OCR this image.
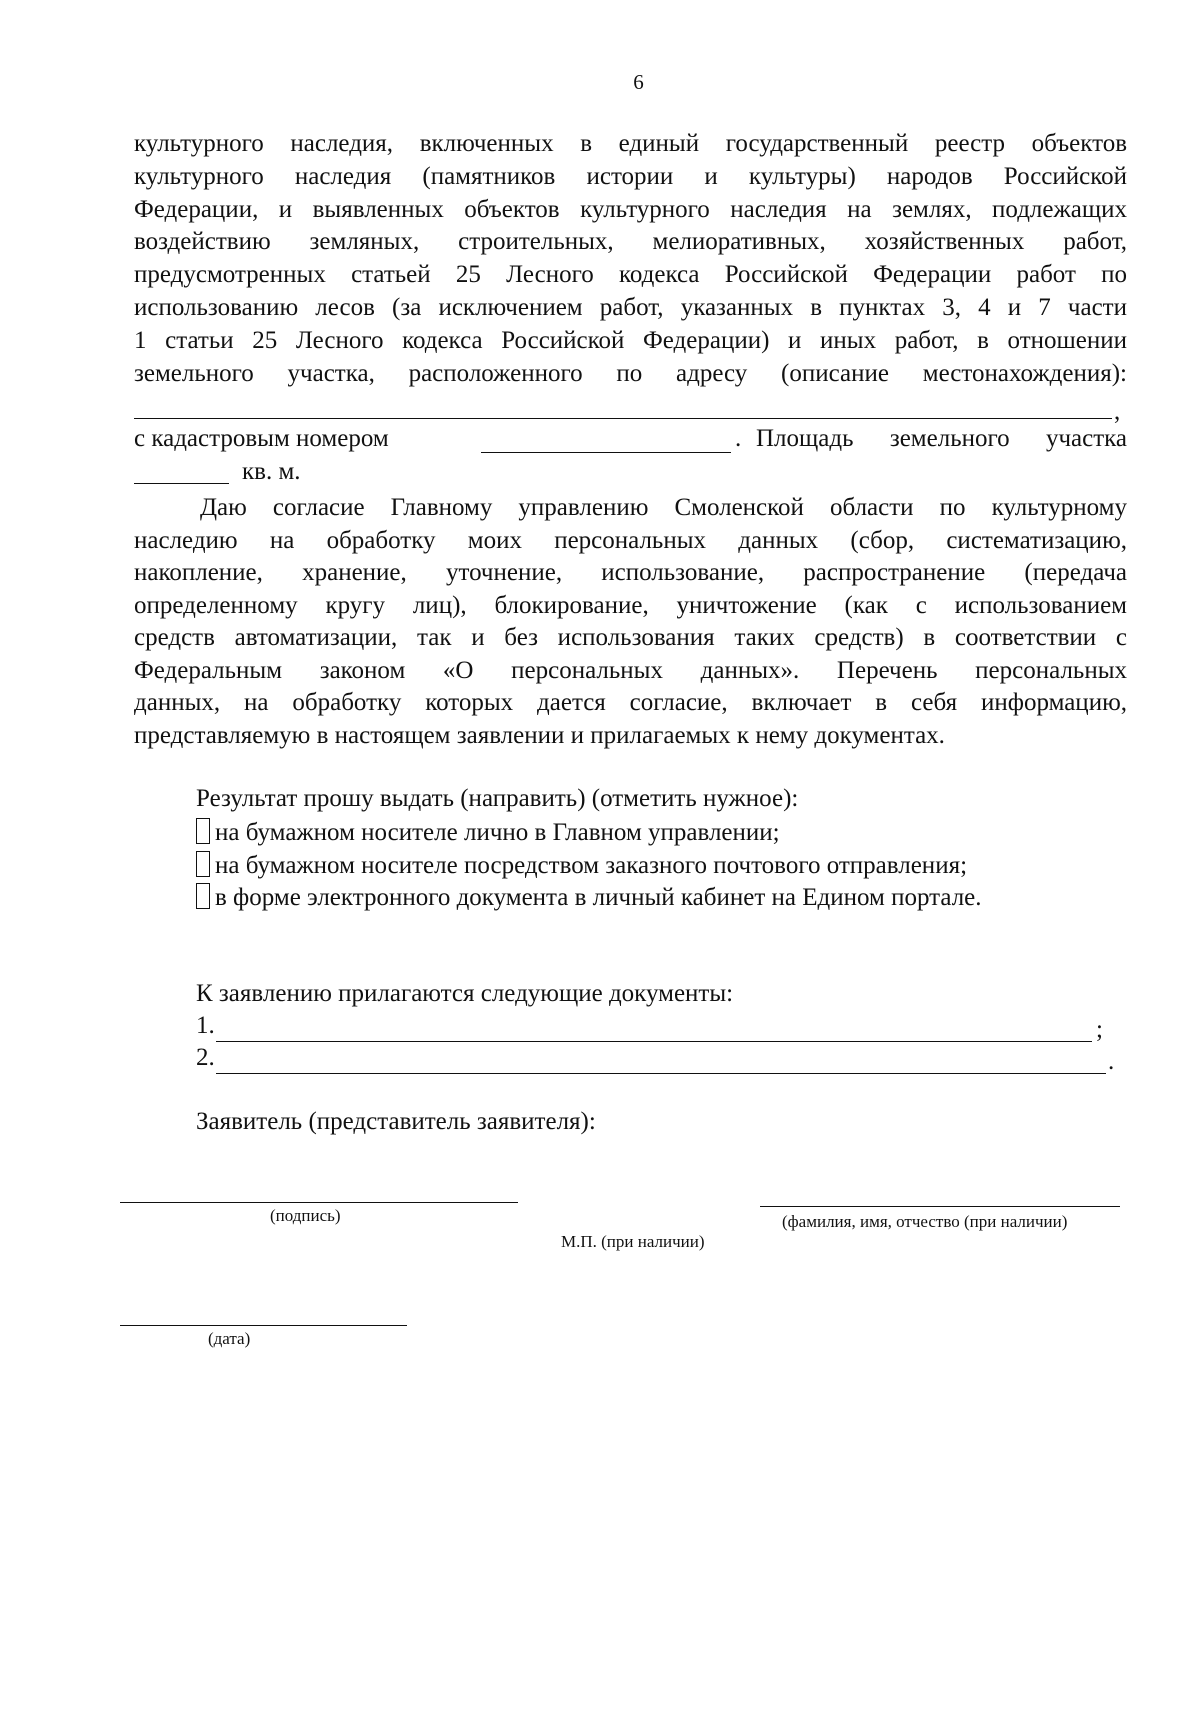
6
культурного наследия, включенных в единый государственный реестр объектов
культурного наследия (памятников истории и культуры) народов Российской
Федерации, и выявленных объектов культурного наследия на землях, подлежащих
воздействию земляных, строительных, мелиоративных, хозяйственных работ,
предусмотренных статьей 25 Лесного кодекса Российской Федерации работ по
использованию лесов (за исключением работ, указанных в пунктах 3, 4 и 7 части
1 статьи 25 Лесного кодекса Российской Федерации) и иных работ, в отношении
земельного участка, расположенного по адресу (описание местонахождения):
,
с кадастровым номером	. Площадь земельного участка
кв. м.
Даю согласие Главному управлению Смоленской области по культурному
наследию на обработку моих персональных данных (сбор, систематизацию,
накопление, хранение, уточнение, использование, распространение (передача
определенному кругу лиц), блокирование, уничтожение (как с использованием
средств автоматизации, так и без использования таких средств) в соответствии с
Федеральным законом «О персональных данных». Перечень персональных
данных, на обработку которых дается согласие, включает в себя информацию,
представляемую в настоящем заявлении и прилагаемых к нему документах.
Результат прошу выдать (направить) (отметить нужное):
на бумажном носителе лично в Главном управлении;
на бумажном носителе посредством заказного почтового отправления;
в форме электронного документа в личный кабинет на Едином портале.
К заявлению прилагаются следующие документы:
1.	;
2.	.
Заявитель (представитель заявителя):
(подпись)
М.П. (при наличии)
(фамилия, имя, отчество (при наличии)
(дата)
